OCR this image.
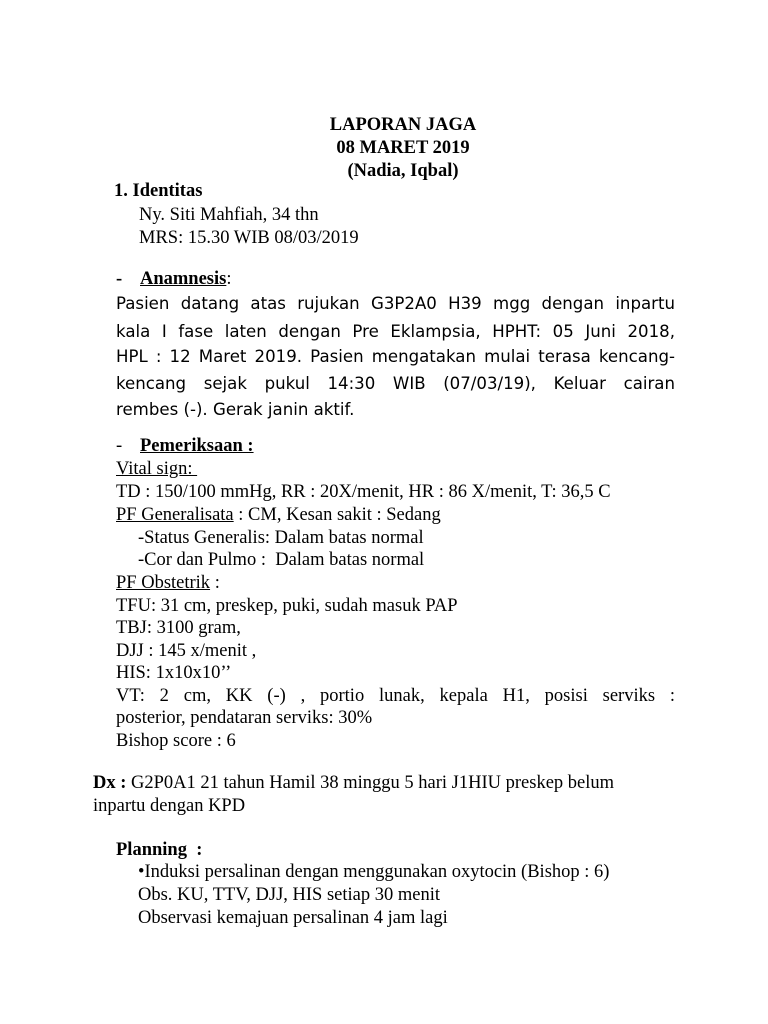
LAPORAN JAGA
08 MARET 2019
(Nadia, Iqbal)
1. Identitas
Ny. Siti Mahfiah, 34 thn
MRS: 15.30 WIB 08/03/2019
- Anamnesis:
Pasien datang atas rujukan G3P2A0 H39 mgg dengan inpartu
kala I fase laten dengan Pre Eklampsia, HPHT: 05 Juni 2018,
HPL : 12 Maret 2019. Pasien mengatakan mulai terasa kencang-
kencang sejak pukul 14:30 WIB (07/03/19), Keluar cairan
rembes (-). Gerak janin aktif.
- Pemeriksaan :
Vital sign:
TD : 150/100 mmHg, RR : 20X/menit, HR : 86 X/menit, T: 36,5 C
PF Generalisata : CM, Kesan sakit : Sedang
-Status Generalis: Dalam batas normal
-Cor dan Pulmo :  Dalam batas normal
PF Obstetrik :
TFU: 31 cm, preskep, puki, sudah masuk PAP
TBJ: 3100 gram,
DJJ : 145 x/menit ,
HIS: 1x10x10’’
VT: 2 cm, KK (-) , portio lunak, kepala H1, posisi serviks :
posterior, pendataran serviks: 30%
Bishop score : 6
Dx : G2P0A1 21 tahun Hamil 38 minggu 5 hari J1HIU preskep belum
inpartu dengan KPD
Planning  :
•Induksi persalinan dengan menggunakan oxytocin (Bishop : 6)
Obs. KU, TTV, DJJ, HIS setiap 30 menit
Observasi kemajuan persalinan 4 jam lagi
